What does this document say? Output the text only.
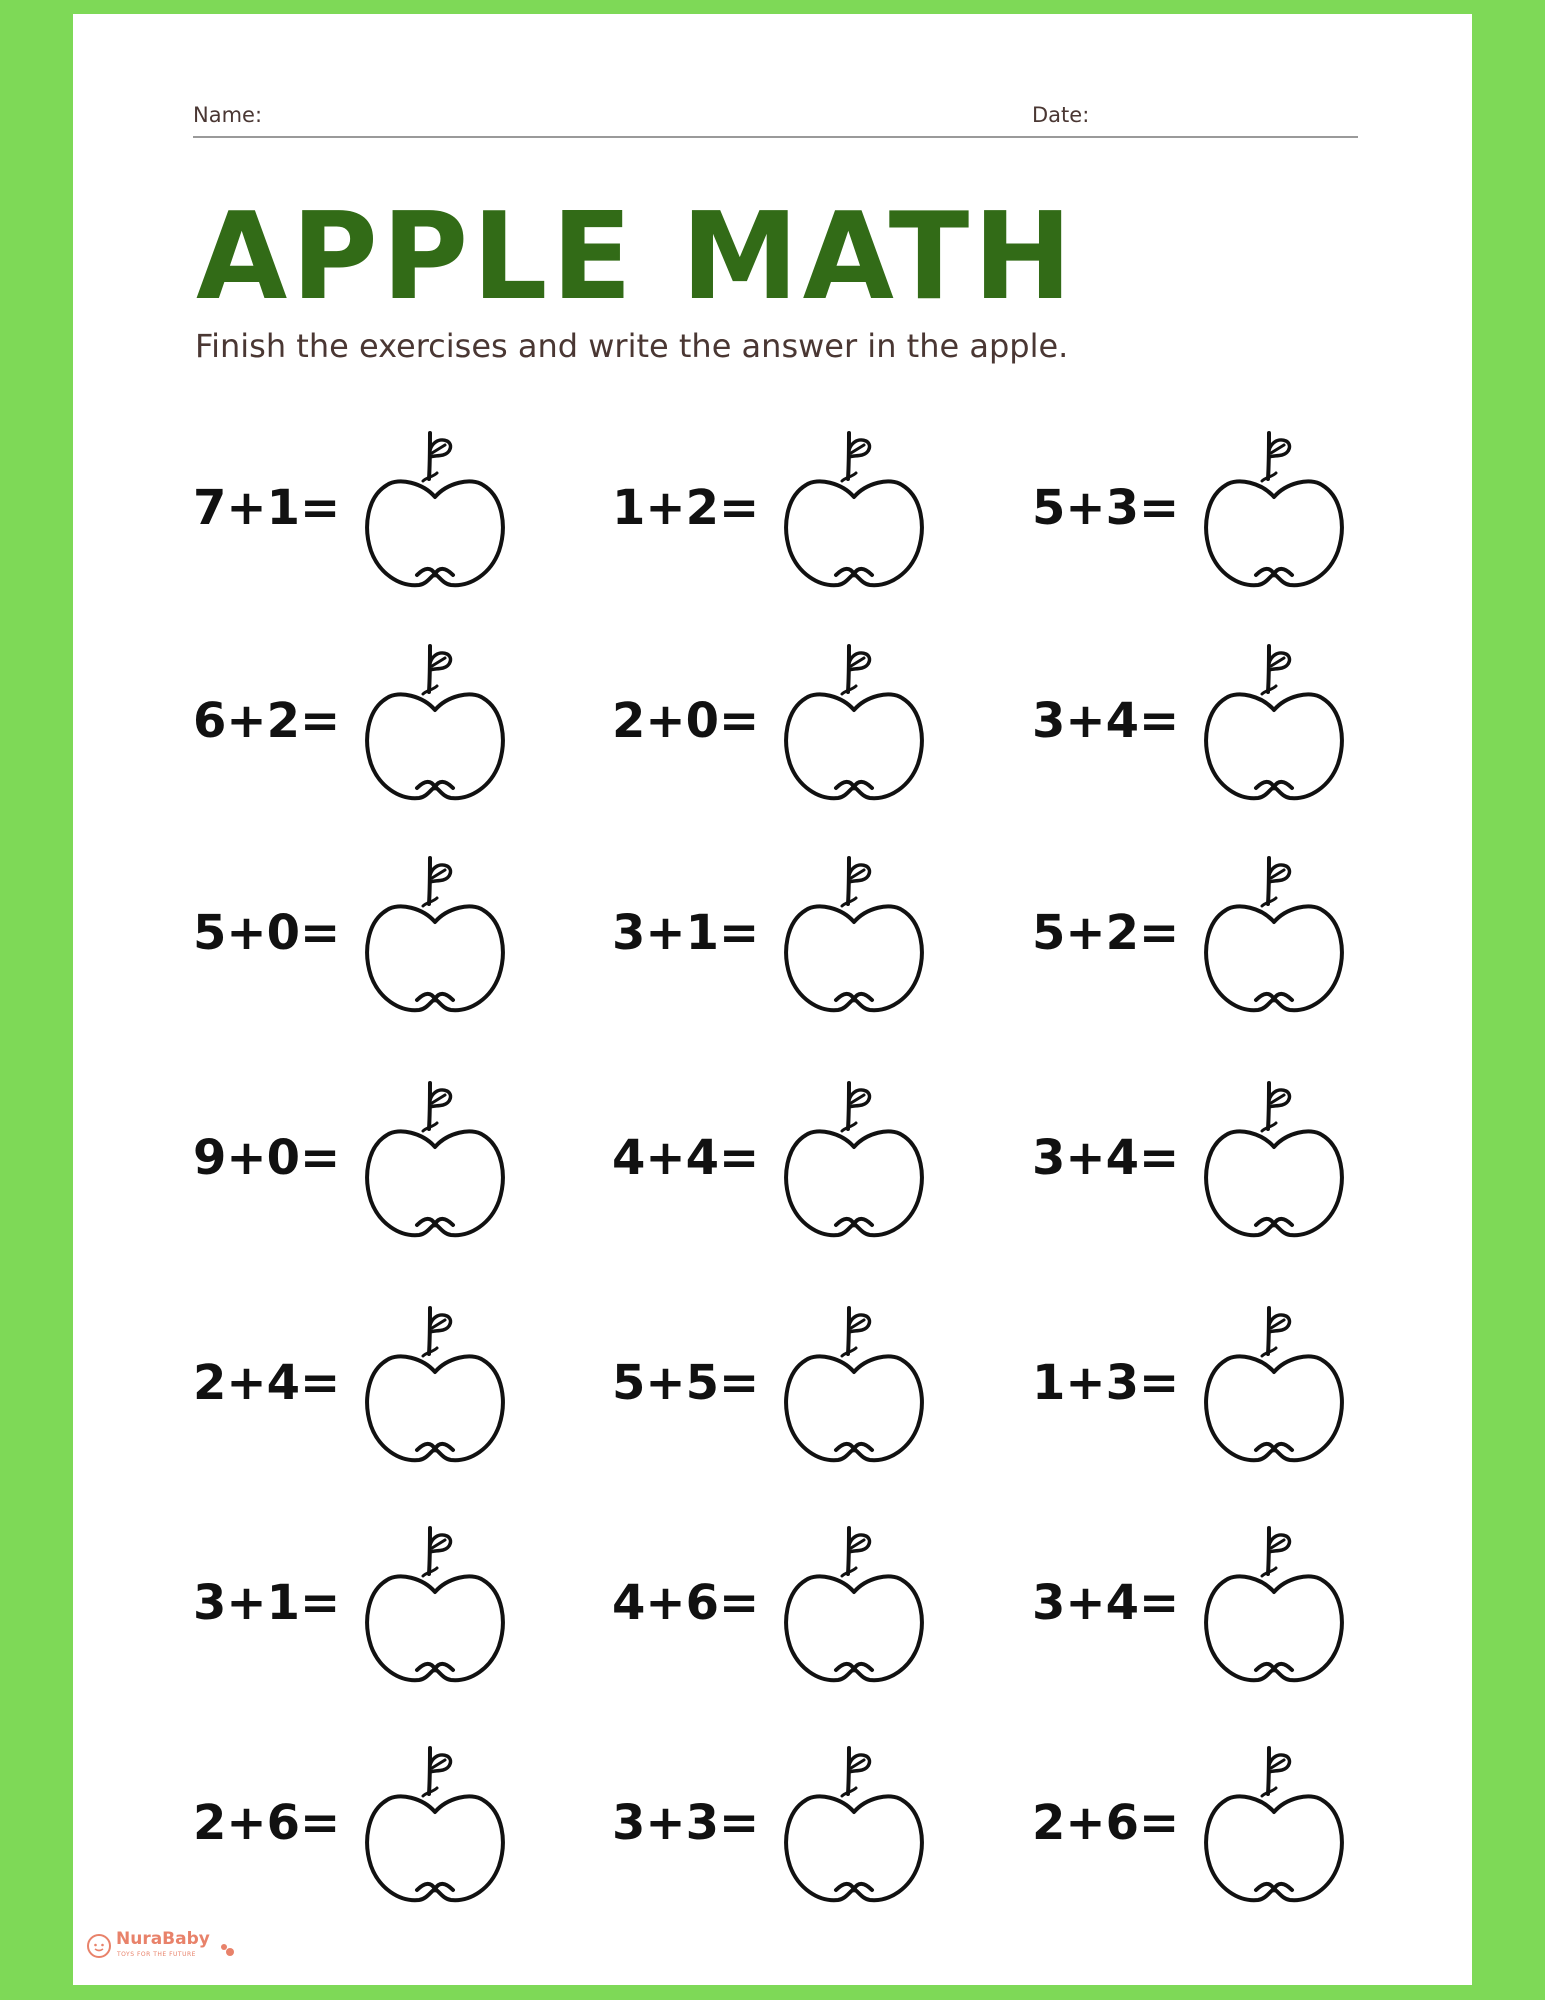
Name:	Date:
APPLE MATH
Finish the exercises and write the answer in the apple.
7+1=	1+2=	5+3=
6+2=	2+0=	3+4=
5+0=	3+1=	5+2=
9+0=	4+4=	3+4=
2+4=	5+5=	1+3=
3+1=	4+6=	3+4=
2+6=	3+3=	2+6=
NuraBaby
TOYS FOR THE FUTURE
